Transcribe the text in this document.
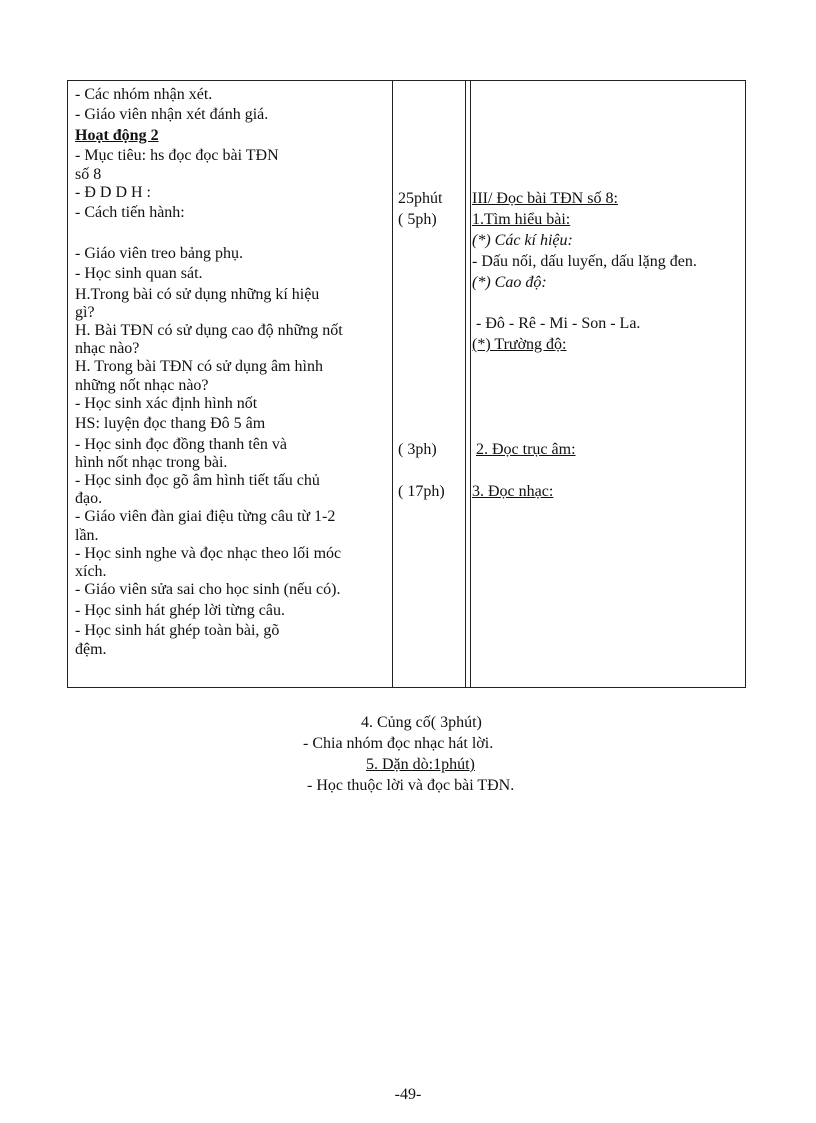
- Các nhóm nhận xét.
- Giáo viên nhận xét đánh giá.
Hoạt động 2
- Mục tiêu: hs đọc đọc bài TĐN
số 8
- Đ D D H :
- Cách tiến hành:
- Giáo viên treo bảng phụ.
- Học sinh quan sát.
H.Trong bài có sử dụng những kí hiệu
gì?
H. Bài TĐN có sử dụng cao độ những nốt
nhạc nào?
H. Trong bài TĐN có sử dụng âm hình
những nốt nhạc nào?
- Học sinh xác định hình nốt
HS: luyện đọc thang Đô 5 âm
- Học sinh đọc đồng thanh tên và
hình nốt nhạc trong bài.
- Học sinh đọc gõ âm hình tiết tấu chủ
đạo.
- Giáo viên đàn giai điệu từng câu từ 1-2
lần.
- Học sinh nghe và đọc nhạc theo lối móc
xích.
- Giáo viên sửa sai cho học sinh (nếu có).
- Học sinh hát ghép lời từng câu.
- Học sinh hát ghép toàn bài, gõ
đệm.
25phút
( 5ph)
( 3ph)
( 17ph)
III/ Đọc bài TĐN số 8:
1.Tìm hiểu bài:
(*) Các kí hiệu:
- Dấu nối, dấu luyến, dấu lặng đen.
(*) Cao độ:
- Đô - Rê - Mi - Son - La.
(*) Trường độ:
2. Đọc trục âm:
3. Đọc nhạc:
4. Củng cố( 3phút)
- Chia nhóm đọc nhạc hát lời.
5. Dặn dò:1phút)
- Học thuộc lời và đọc bài TĐN.
-49-
